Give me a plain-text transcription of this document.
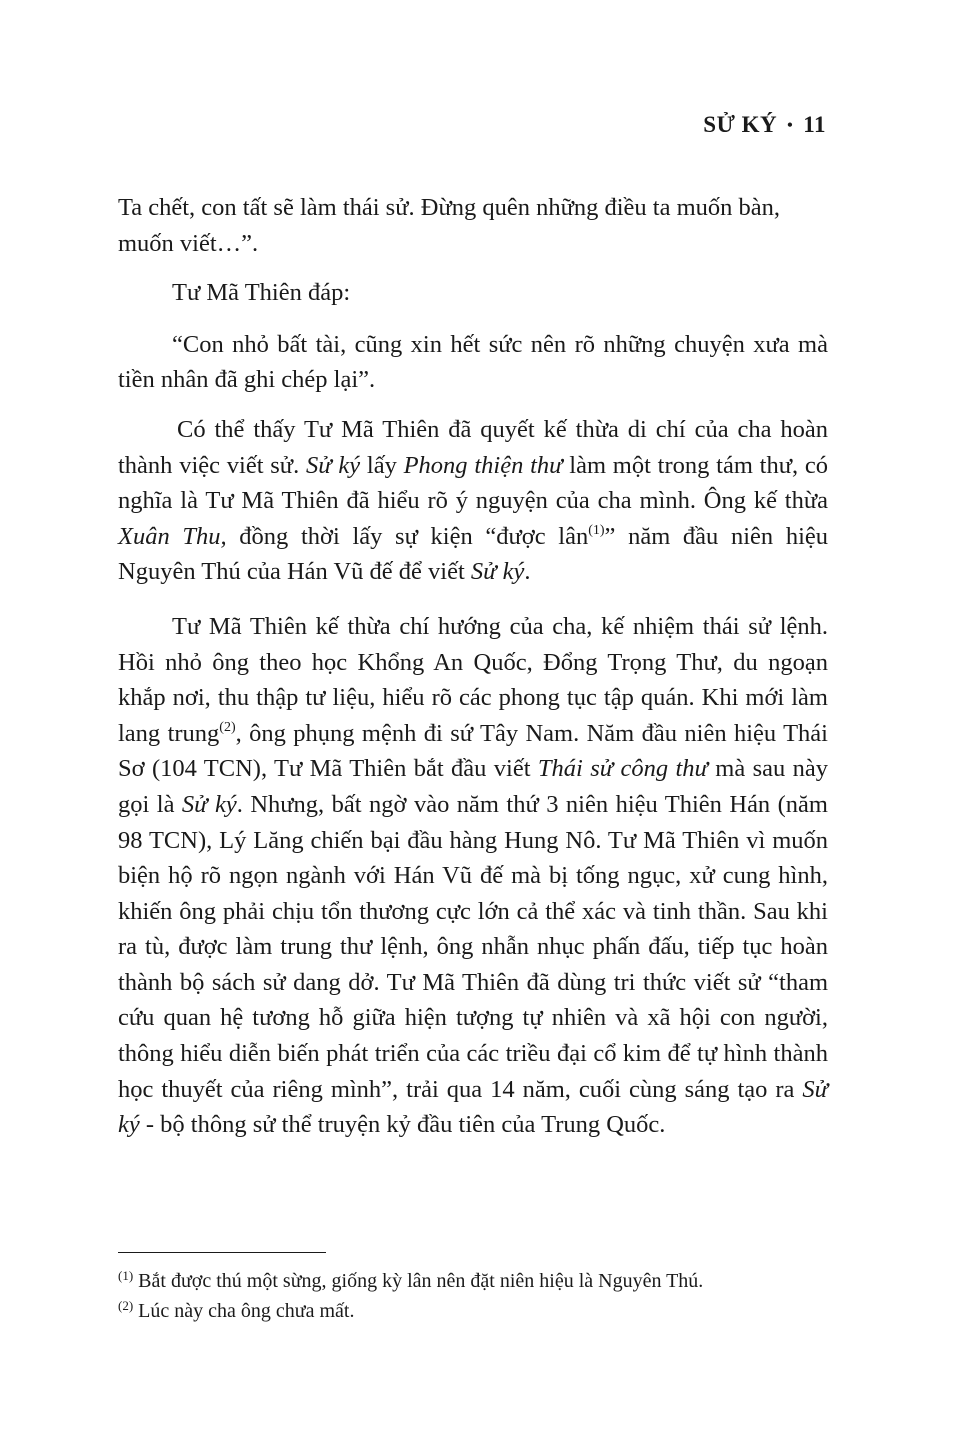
SỬ KÝ • 11

Ta chết, con tất sẽ làm thái sử. Đừng quên những điều ta muốn bàn,
muốn viết…”.

Tư Mã Thiên đáp:

“Con nhỏ bất tài, cũng xin hết sức nên rõ những chuyện xưa mà tiền nhân đã ghi chép lại”.

Có thể thấy Tư Mã Thiên đã quyết kế thừa di chí của cha hoàn thành việc viết sử. Sử ký lấy Phong thiện thư làm một trong tám thư, có nghĩa là Tư Mã Thiên đã hiểu rõ ý nguyện của cha mình. Ông kế thừa Xuân Thu, đồng thời lấy sự kiện “được lân$^{(1)}$” năm đầu niên hiệu Nguyên Thú của Hán Vũ đế để viết Sử ký.

Tư Mã Thiên kế thừa chí hướng của cha, kế nhiệm thái sử lệnh. Hồi nhỏ ông theo học Khổng An Quốc, Đổng Trọng Thư, du ngoạn khắp nơi, thu thập tư liệu, hiểu rõ các phong tục tập quán. Khi mới làm lang trung$^{(2)}$, ông phụng mệnh đi sứ Tây Nam. Năm đầu niên hiệu Thái Sơ (104 TCN), Tư Mã Thiên bắt đầu viết Thái sử công thư mà sau này gọi là Sử ký. Nhưng, bất ngờ vào năm thứ 3 niên hiệu Thiên Hán (năm 98 TCN), Lý Lăng chiến bại đầu hàng Hung Nô. Tư Mã Thiên vì muốn biện hộ rõ ngọn ngành với Hán Vũ đế mà bị tống ngục, xử cung hình, khiến ông phải chịu tổn thương cực lớn cả thể xác và tinh thần. Sau khi ra tù, được làm trung thư lệnh, ông nhẫn nhục phấn đấu, tiếp tục hoàn thành bộ sách sử dang dở. Tư Mã Thiên đã dùng tri thức viết sử “tham cứu quan hệ tương hỗ giữa hiện tượng tự nhiên và xã hội con người, thông hiểu diễn biến phát triển của các triều đại cổ kim để tự hình thành học thuyết của riêng mình”, trải qua 14 năm, cuối cùng sáng tạo ra Sử ký - bộ thông sử thể truyện kỷ đầu tiên của Trung Quốc.

$^{(1)}$ Bắt được thú một sừng, giống kỳ lân nên đặt niên hiệu là Nguyên Thú.

$^{(2)}$ Lúc này cha ông chưa mất.
